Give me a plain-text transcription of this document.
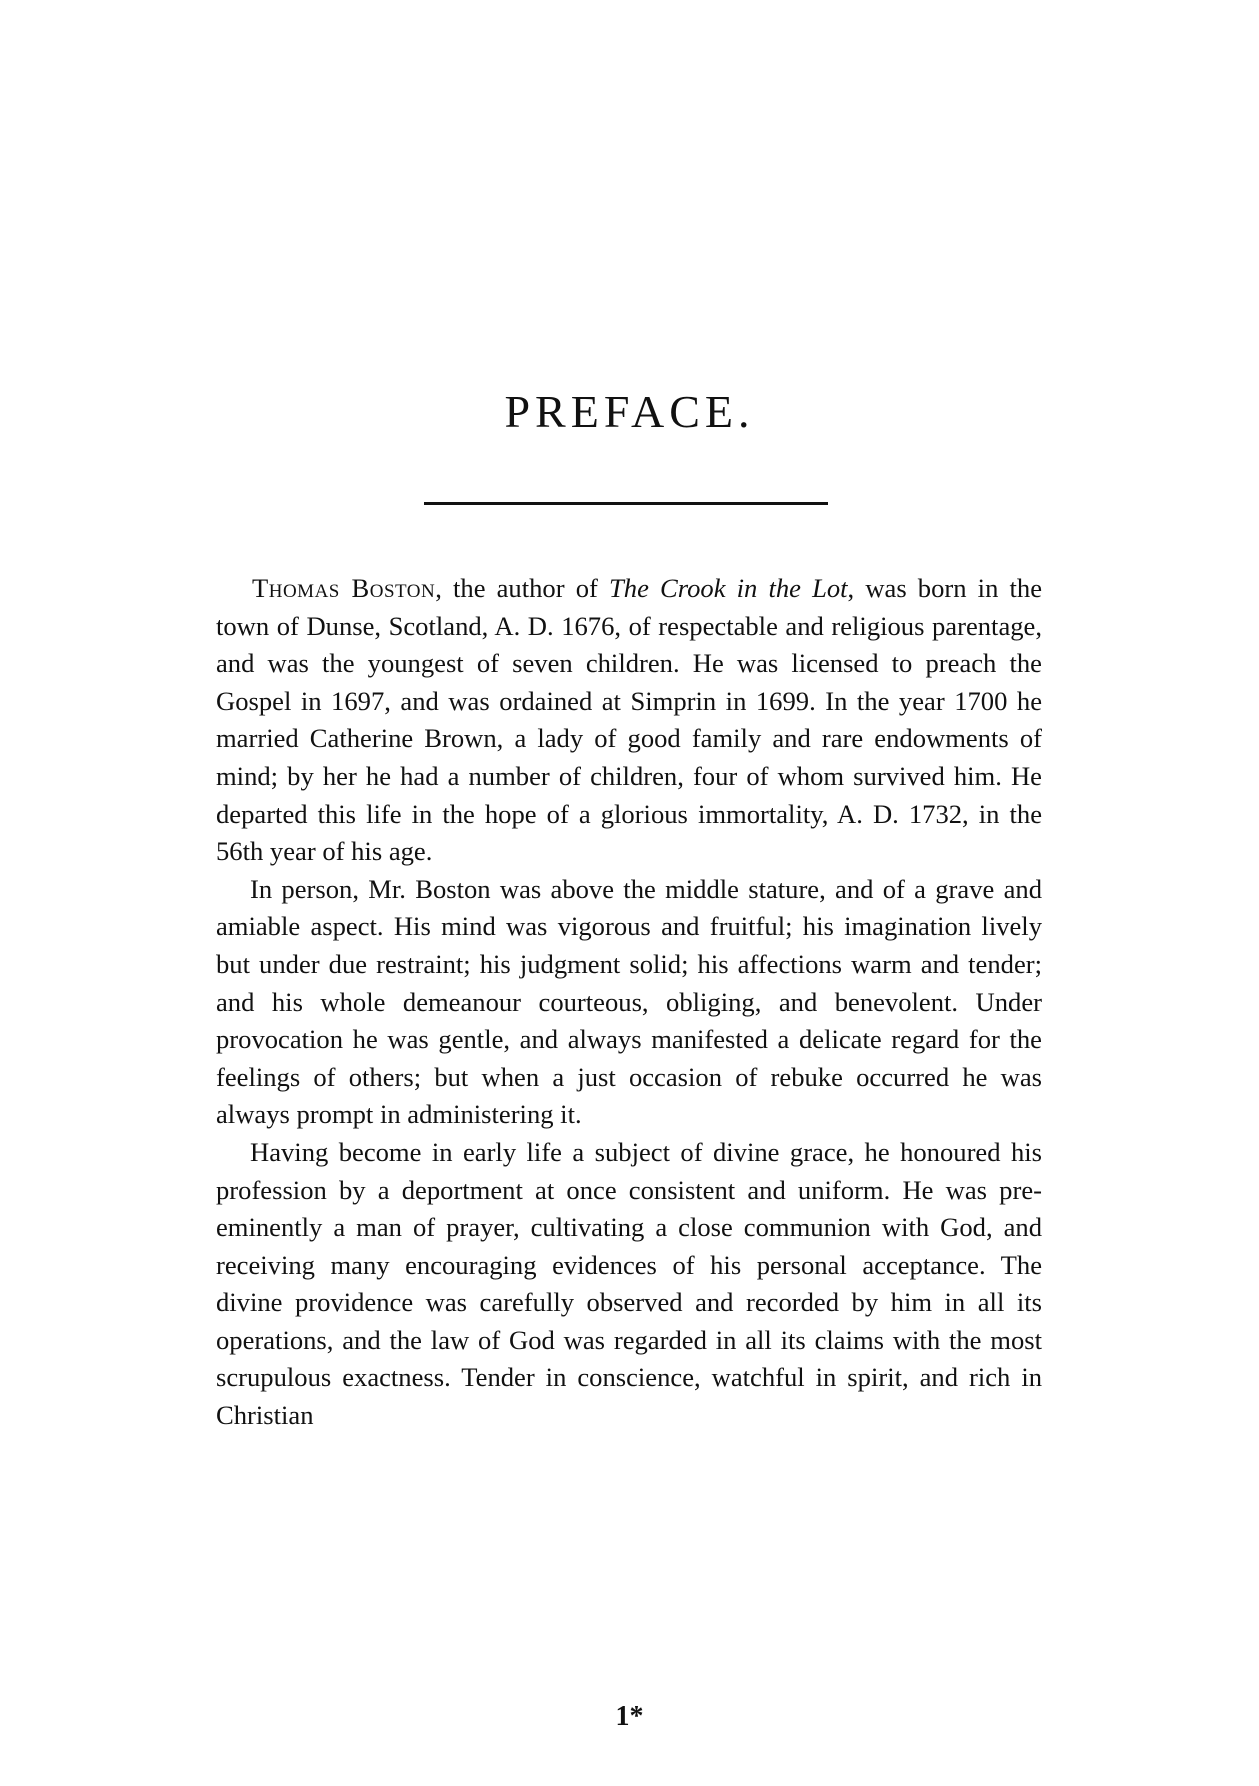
PREFACE.

Thomas Boston, the author of The Crook in the Lot, was born in the town of Dunse, Scotland, A. D. 1676, of respectable and religious parentage, and was the youngest of seven children. He was licensed to preach the Gospel in 1697, and was ordained at Simprin in 1699. In the year 1700 he married Catherine Brown, a lady of good family and rare endowments of mind; by her he had a number of children, four of whom survived him. He departed this life in the hope of a glorious immortality, A. D. 1732, in the 56th year of his age.

In person, Mr. Boston was above the middle stature, and of a grave and amiable aspect. His mind was vigorous and fruitful; his imagination lively but under due restraint; his judgment solid; his affections warm and tender; and his whole demeanour courteous, obliging, and benevolent. Under provocation he was gentle, and always manifested a delicate regard for the feelings of others; but when a just occasion of rebuke occurred he was always prompt in administering it.

Having become in early life a subject of divine grace, he honoured his profession by a deportment at once consistent and uniform. He was pre-eminently a man of prayer, cultivating a close communion with God, and receiving many encouraging evidences of his personal acceptance. The divine providence was carefully observed and recorded by him in all its operations, and the law of God was regarded in all its claims with the most scrupulous exactness. Tender in conscience, watchful in spirit, and rich in Christian

1*
